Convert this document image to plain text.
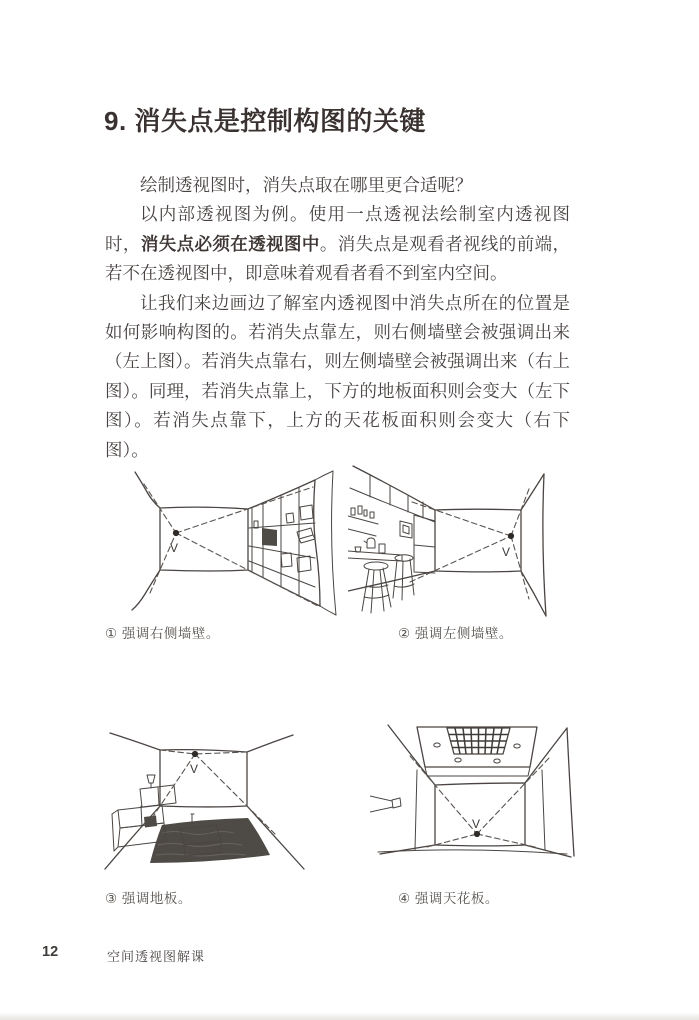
9. 消失点是控制构图的关键

绘制透视图时，消失点取在哪里更合适呢？

以内部透视图为例。使用一点透视法绘制室内透视图时，消失点必须在透视图中。消失点是观看者视线的前端，若不在透视图中，即意味着观看者看不到室内空间。

让我们来边画边了解室内透视图中消失点所在的位置是如何影响构图的。若消失点靠左，则右侧墙壁会被强调出来（左上图）。若消失点靠右，则左侧墙壁会被强调出来（右上图）。同理，若消失点靠上，下方的地板面积则会变大（左下图）。若消失点靠下，上方的天花板面积则会变大（右下图）。

V	V
① 强调右侧墙壁。	② 强调左侧墙壁。
V
V
③ 强调地板。	④ 强调天花板。
12	空间透视图解课
